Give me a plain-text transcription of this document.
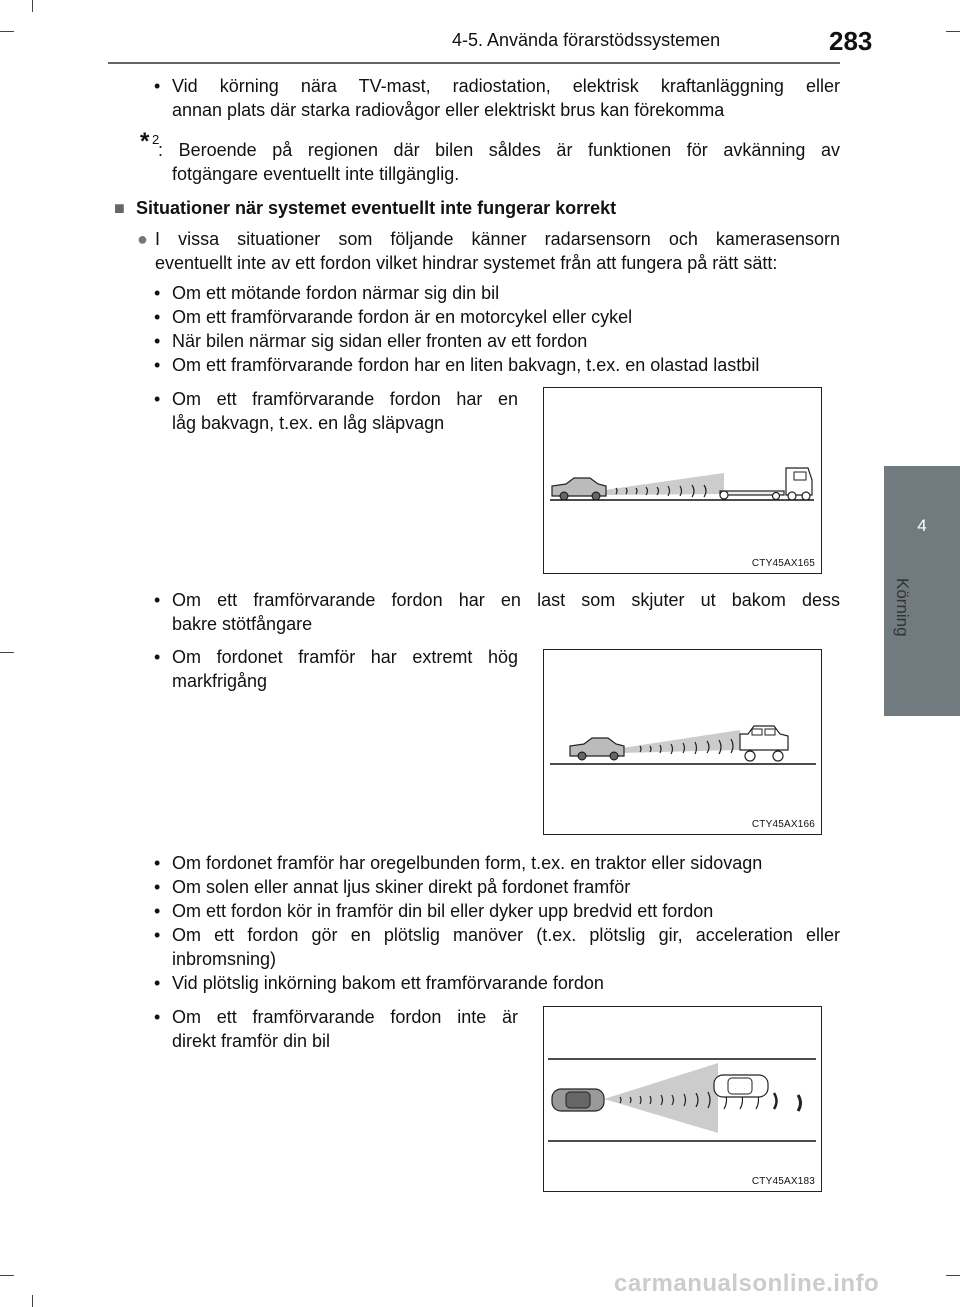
4-5. Använda förarstödssystemen	283
4
Körning
• Vid körning nära TV-mast, radiostation, elektrisk kraftanläggning eller
annan plats där starka radiovågor eller elektriskt brus kan förekomma
* 2
: Beroende på regionen där bilen såldes är funktionen för avkänning av
fotgängare eventuellt inte tillgänglig.
■ Situationer när systemet eventuellt inte fungerar korrekt
● I vissa situationer som följande känner radarsensorn och kamerasensorn
eventuellt inte av ett fordon vilket hindrar systemet från att fungera på rätt sätt:
• Om ett mötande fordon närmar sig din bil
• Om ett framförvarande fordon är en motorcykel eller cykel
• När bilen närmar sig sidan eller fronten av ett fordon
• Om ett framförvarande fordon har en liten bakvagn, t.ex. en olastad lastbil
• Om ett framförvarande fordon har en
låg bakvagn, t.ex. en låg släpvagn
CTY45AX165
• Om ett framförvarande fordon har en last som skjuter ut bakom dess
bakre stötfångare
• Om fordonet framför har extremt hög
markfrigång
CTY45AX166
• Om fordonet framför har oregelbunden form, t.ex. en traktor eller sidovagn
• Om solen eller annat ljus skiner direkt på fordonet framför
• Om ett fordon kör in framför din bil eller dyker upp bredvid ett fordon
• Om ett fordon gör en plötslig manöver (t.ex. plötslig gir, acceleration eller
inbromsning)
• Vid plötslig inkörning bakom ett framförvarande fordon
• Om ett framförvarande fordon inte är
direkt framför din bil
CTY45AX183
carmanualsonline.info
